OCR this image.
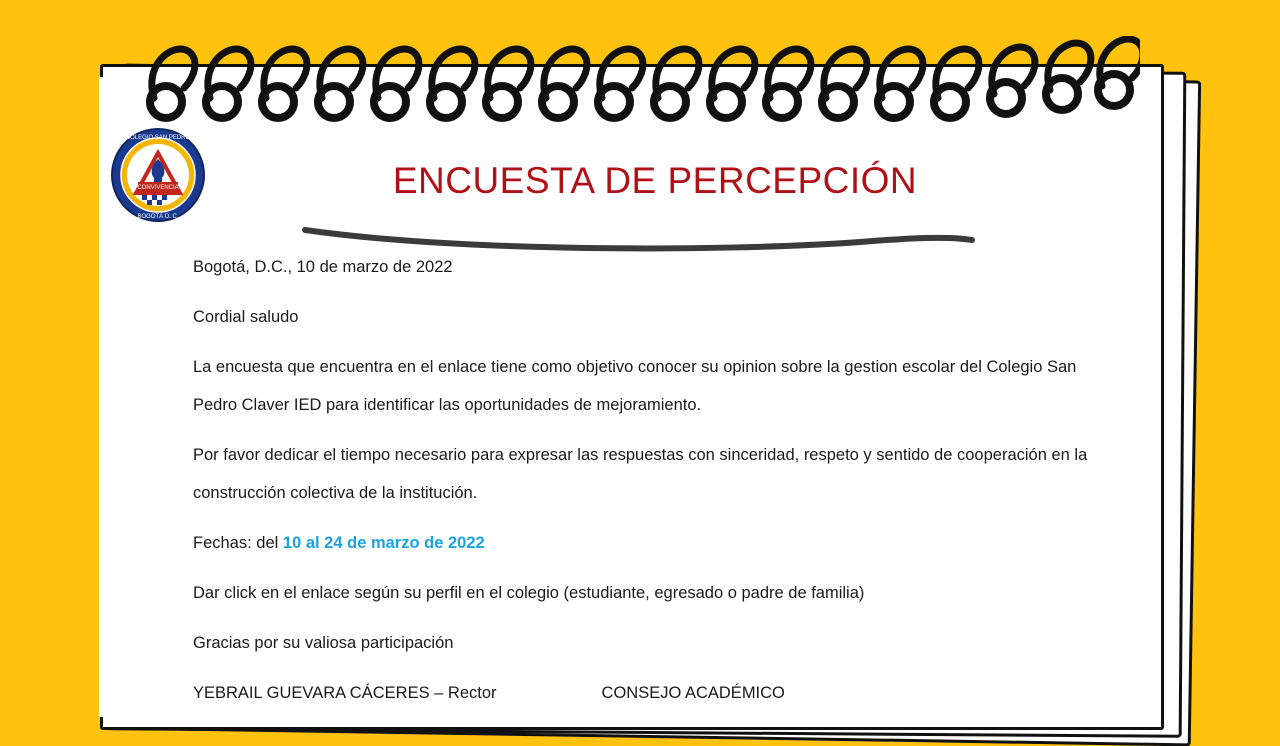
CONVIVENCIA
COLEGIO SAN PEDRO
BOGOTÁ D. C.
ENCUESTA DE PERCEPCIÓN

Bogotá, D.C., 10 de marzo de 2022

Cordial saludo

La encuesta que encuentra en el enlace tiene como objetivo conocer su opinion sobre la gestion escolar del Colegio San Pedro Claver IED para identificar las oportunidades de mejoramiento.

Por favor dedicar el tiempo necesario para expresar las respuestas con sinceridad, respeto y sentido de cooperación en la construcción colectiva de la institución.

Fechas: del 10 al 24 de marzo de 2022

Dar click en el enlace según su perfil en el colegio (estudiante, egresado o padre de familia)

Gracias por su valiosa participación

YEBRAIL GUEVARA CÁCERES – Rector	CONSEJO ACADÉMICO
